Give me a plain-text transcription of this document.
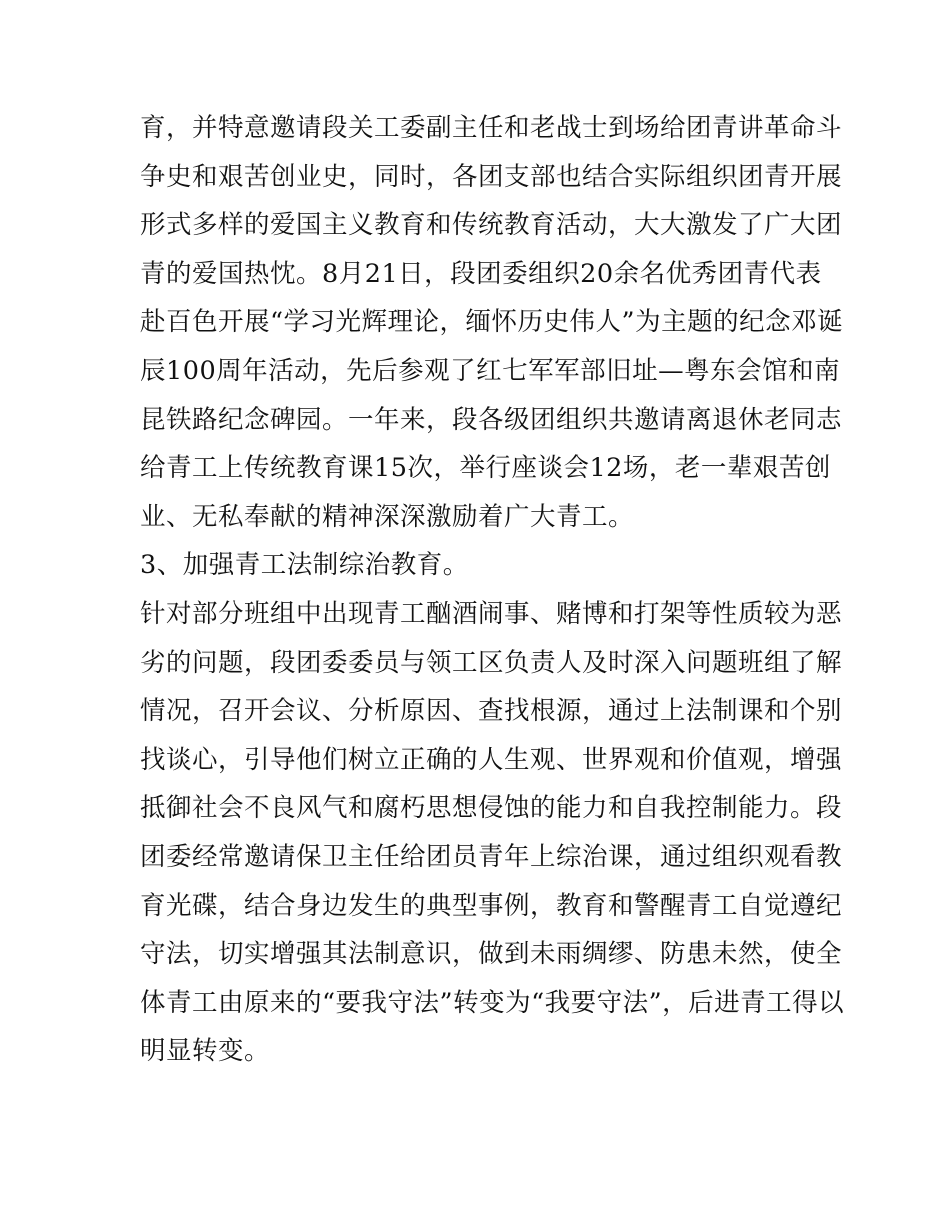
育，并特意邀请段关工委副主任和老战士到场给团青讲革命斗
争史和艰苦创业史，同时，各团支部也结合实际组织团青开展
形式多样的爱国主义教育和传统教育活动，大大激发了广大团
青的爱国热忱。8月21日，段团委组织20余名优秀团青代表
赴百色开展“学习光辉理论，缅怀历史伟人”为主题的纪念邓诞
辰100周年活动，先后参观了红七军军部旧址—粤东会馆和南
昆铁路纪念碑园。一年来，段各级团组织共邀请离退休老同志
给青工上传统教育课15次，举行座谈会12场，老一辈艰苦创
业、无私奉献的精神深深激励着广大青工。
3、加强青工法制综治教育。
针对部分班组中出现青工酗酒闹事、赌博和打架等性质较为恶
劣的问题，段团委委员与领工区负责人及时深入问题班组了解
情况，召开会议、分析原因、查找根源，通过上法制课和个别
找谈心，引导他们树立正确的人生观、世界观和价值观，增强
抵御社会不良风气和腐朽思想侵蚀的能力和自我控制能力。段
团委经常邀请保卫主任给团员青年上综治课，通过组织观看教
育光碟，结合身边发生的典型事例，教育和警醒青工自觉遵纪
守法，切实增强其法制意识，做到未雨绸缪、防患未然，使全
体青工由原来的“要我守法”转变为“我要守法”，后进青工得以
明显转变。
